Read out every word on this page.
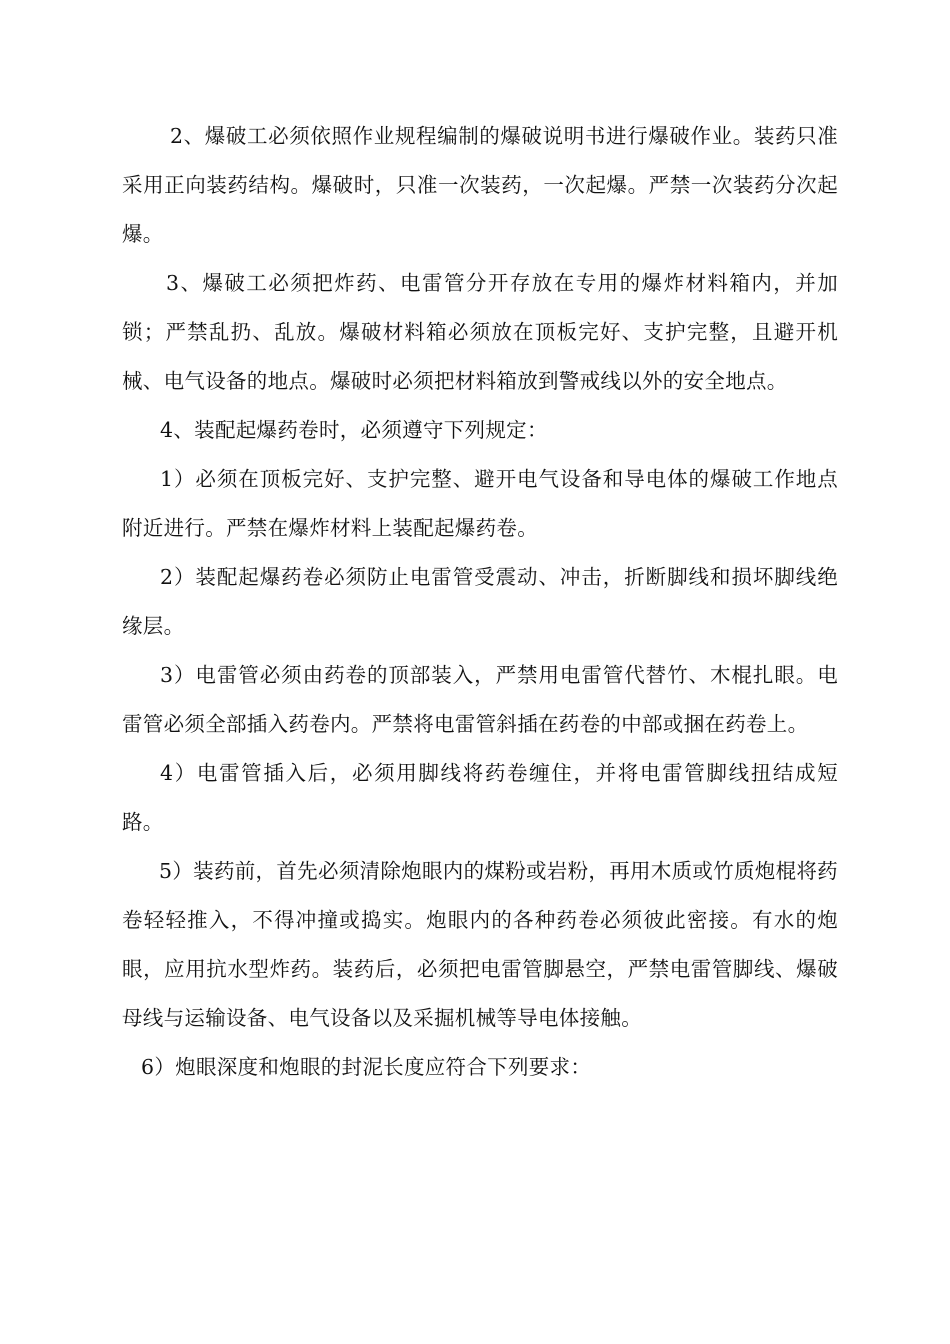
2、爆破工必须依照作业规程编制的爆破说明书进行爆破作业。装药只准采用正向装药结构。爆破时，只准一次装药，一次起爆。严禁一次装药分次起爆。

3、爆破工必须把炸药、电雷管分开存放在专用的爆炸材料箱内，并加锁；严禁乱扔、乱放。爆破材料箱必须放在顶板完好、支护完整，且避开机械、电气设备的地点。爆破时必须把材料箱放到警戒线以外的安全地点。

4、装配起爆药卷时，必须遵守下列规定：

1）必须在顶板完好、支护完整、避开电气设备和导电体的爆破工作地点附近进行。严禁在爆炸材料上装配起爆药卷。

2）装配起爆药卷必须防止电雷管受震动、冲击，折断脚线和损坏脚线绝缘层。

3）电雷管必须由药卷的顶部装入，严禁用电雷管代替竹、木棍扎眼。电雷管必须全部插入药卷内。严禁将电雷管斜插在药卷的中部或捆在药卷上。

4）电雷管插入后，必须用脚线将药卷缠住，并将电雷管脚线扭结成短路。

5）装药前，首先必须清除炮眼内的煤粉或岩粉，再用木质或竹质炮棍将药卷轻轻推入，不得冲撞或捣实。炮眼内的各种药卷必须彼此密接。有水的炮眼，应用抗水型炸药。装药后，必须把电雷管脚悬空，严禁电雷管脚线、爆破母线与运输设备、电气设备以及采掘机械等导电体接触。

6）炮眼深度和炮眼的封泥长度应符合下列要求：
